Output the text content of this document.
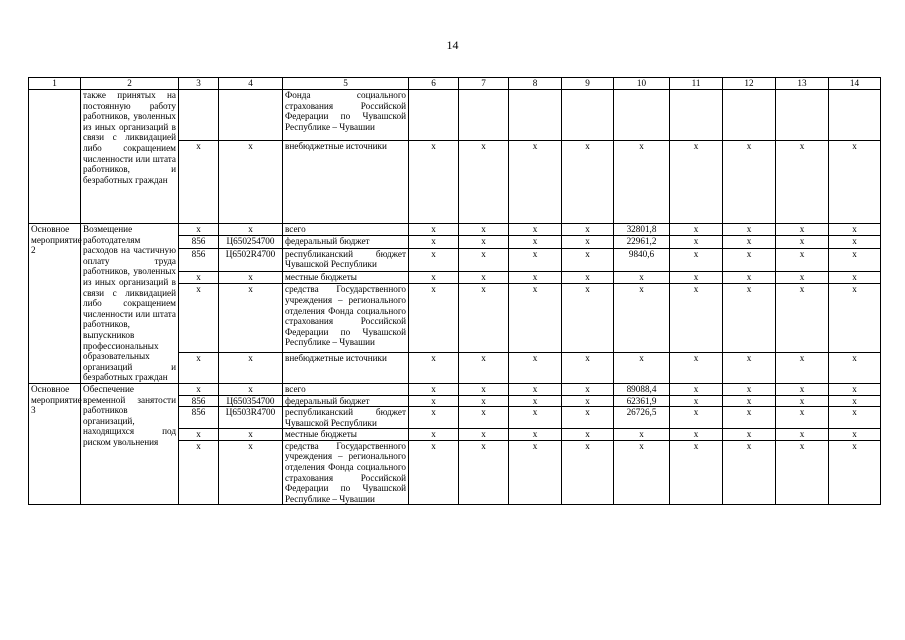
14
1	2	3	4	5	6	7	8	9	10	11	12	13	14
	также принятых на постоянную работу работников, уволенных из иных организаций в связи с ликвидацией либо сокращением численности или штата работников, и безработных граждан			Фонда социального страхования Российской Федерации по Чувашской Республике – Чувашии									
		х	х	внебюджетные источники	х	х	х	х	х	х	х	х	х
Основное мероприятие 2	Возмещение работодателям расходов на частичную оплату труда работников, уволенных из иных организаций в связи с ликвидацией либо сокращением численности или штата работников, выпускников профессиональных образовательных организаций и безработных граждан	х	х	всего	х	х	х	х	32801,8	х	х	х	х
		856	Ц650254700	федеральный бюджет	х	х	х	х	22961,2	х	х	х	х
		856	Ц6502R4700	республиканский бюджет Чувашской Республики	х	х	х	х	9840,6	х	х	х	х
		х	х	местные бюджеты	х	х	х	х	х	х	х	х	х
		х	х	средства Государственного учреждения – регионального отделения Фонда социального страхования Российской Федерации по Чувашской Республике – Чувашии	х	х	х	х	х	х	х	х	х
		х	х	внебюджетные источники	х	х	х	х	х	х	х	х	х
Основное мероприятие 3	Обеспечение временной занятости работников организаций, находящихся под риском увольнения	х	х	всего	х	х	х	х	89088,4	х	х	х	х
		856	Ц650354700	федеральный бюджет	х	х	х	х	62361,9	х	х	х	х
		856	Ц6503R4700	республиканский бюджет Чувашской Республики	х	х	х	х	26726,5	х	х	х	х
		х	х	местные бюджеты	х	х	х	х	х	х	х	х	х
		х	х	средства Государственного учреждения – регионального отделения Фонда социального страхования Российской Федерации по Чувашской Республике – Чувашии	х	х	х	х	х	х	х	х	х
